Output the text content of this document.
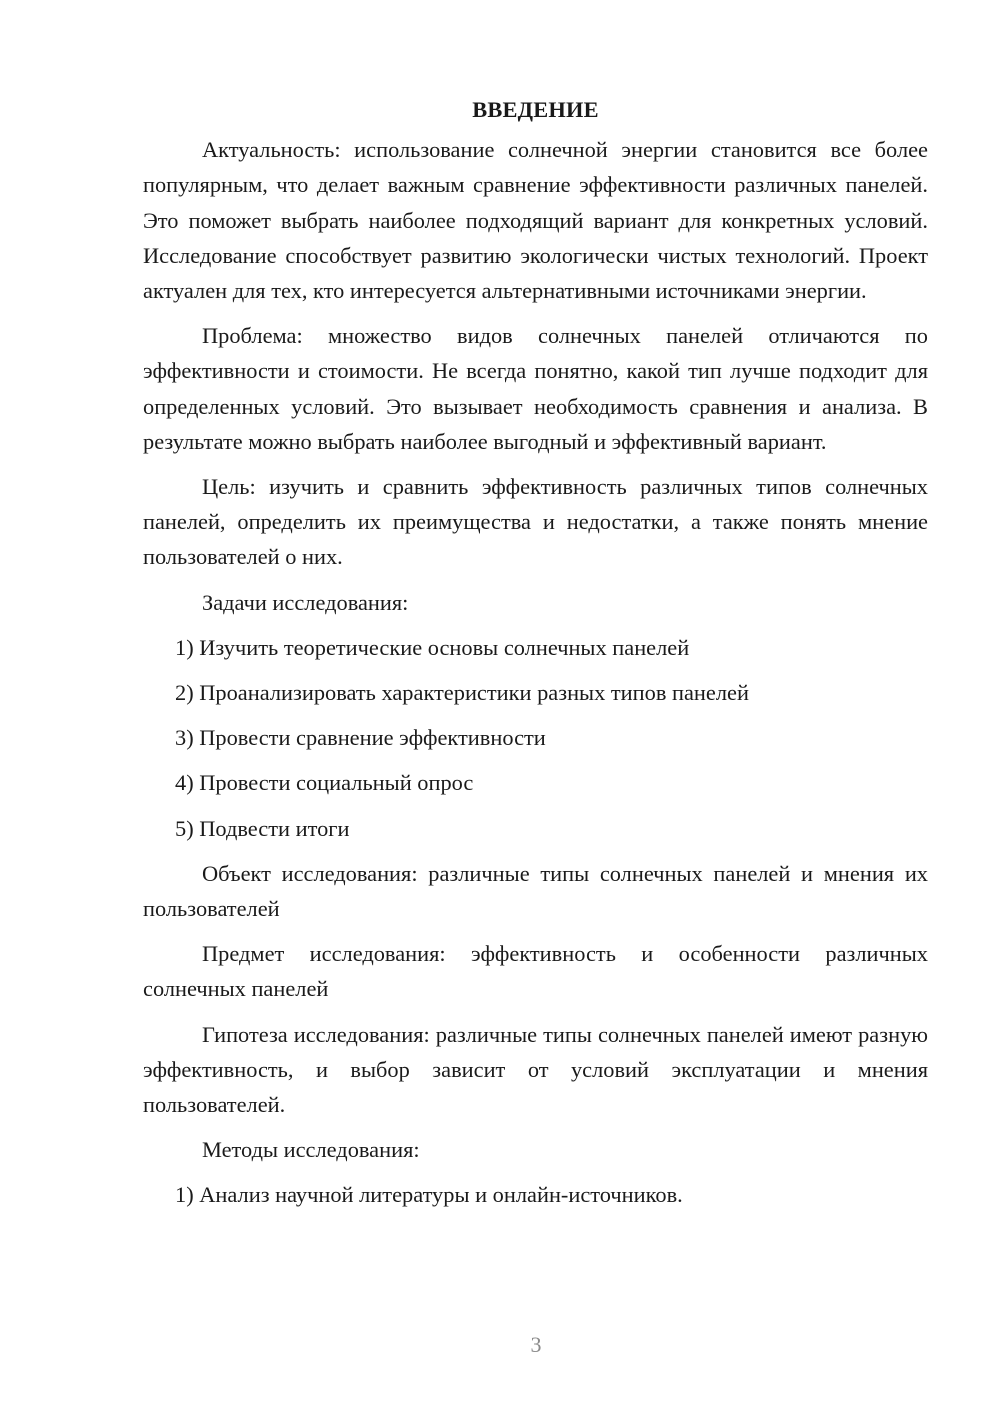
ВВЕДЕНИЕ

Актуальность: использование солнечной энергии становится все более популярным, что делает важным сравнение эффективности различных панелей. Это поможет выбрать наиболее подходящий вариант для конкретных условий. Исследование способствует развитию экологически чистых технологий. Проект актуален для тех, кто интересуется альтернативными источниками энергии.

Проблема: множество видов солнечных панелей отличаются по эффективности и стоимости. Не всегда понятно, какой тип лучше подходит для определенных условий. Это вызывает необходимость сравнения и анализа. В результате можно выбрать наиболее выгодный и эффективный вариант.

Цель: изучить и сравнить эффективность различных типов солнечных панелей, определить их преимущества и недостатки, а также понять мнение пользователей о них.

Задачи исследования:

1) Изучить теоретические основы солнечных панелей
2) Проанализировать характеристики разных типов панелей
3) Провести сравнение эффективности
4) Провести социальный опрос
5) Подвести итоги

Объект исследования: различные типы солнечных панелей и мнения их пользователей

Предмет исследования: эффективность и особенности различных солнечных панелей

Гипотеза исследования: различные типы солнечных панелей имеют разную эффективность, и выбор зависит от условий эксплуатации и мнения пользователей.

Методы исследования:

1) Анализ научной литературы и онлайн-источников.
3
